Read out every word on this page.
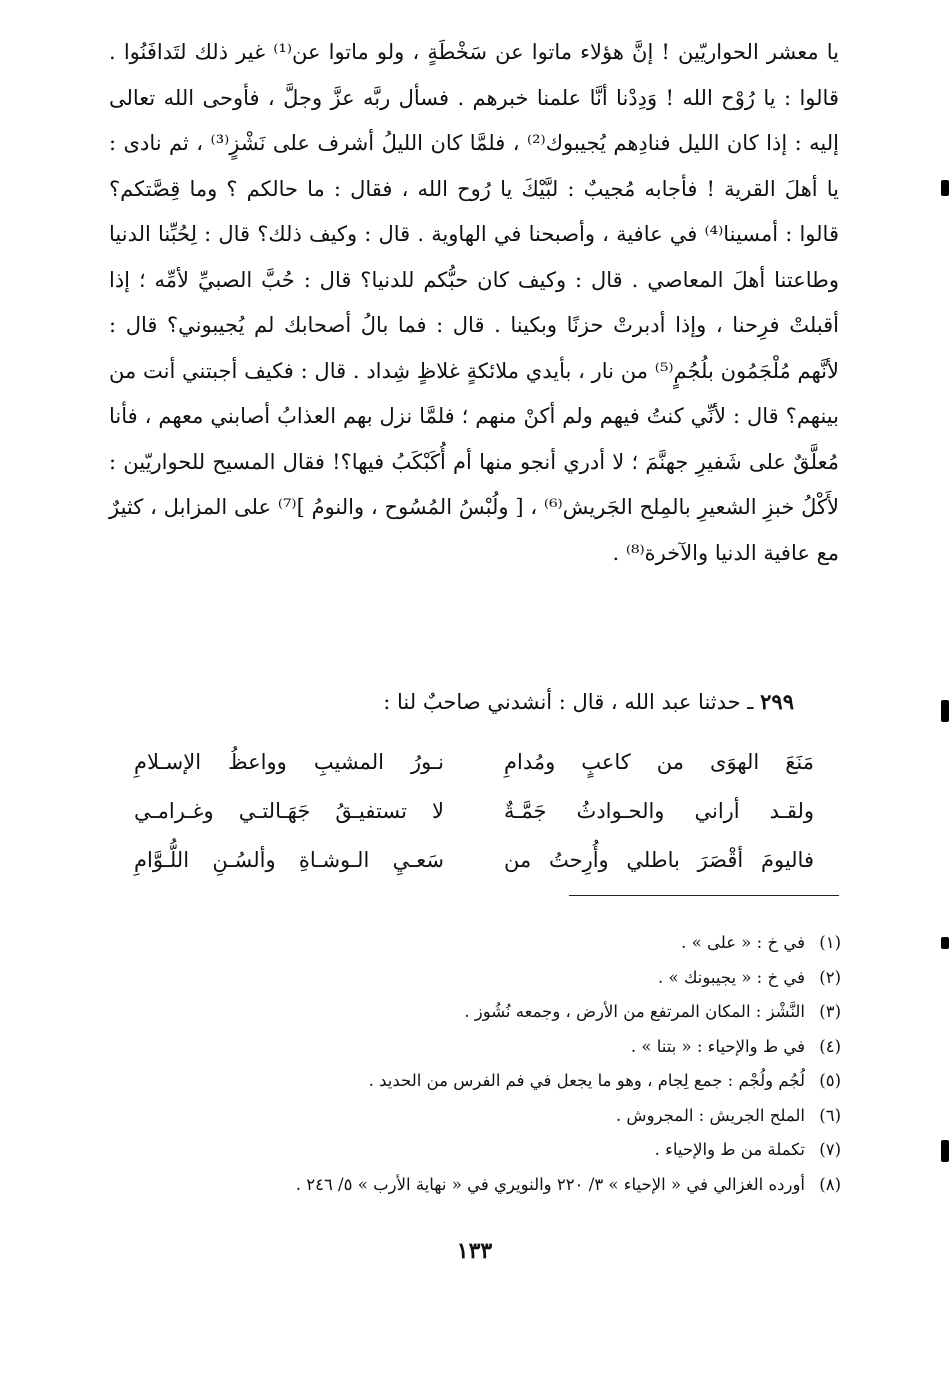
يا معشر الحواريّين ! إنَّ هؤلاء ماتوا عن سَخْطَةٍ ، ولو ماتوا عن⁽¹⁾ غير ذلك لتَدافَنُوا . قالوا : يا رُوْح الله ! وَدِدْنا أنَّا علمنا خبرهم . فسأل ربَّه عزَّ وجلَّ ، فأوحى الله تعالى إليه : إذا كان الليل فنادِهم يُجيبوك⁽²⁾ ، فلمَّا كان الليلُ أشرف على نَشْزٍ⁽³⁾ ، ثم نادى : يا أهلَ القرية ! فأجابه مُجيبٌ : لبَّيْكَ يا رُوح الله ، فقال : ما حالكم ؟ وما قِصَّتكم؟ قالوا : أمسينا⁽⁴⁾ في عافية ، وأصبحنا في الهاوية . قال : وكيف ذلك؟ قال : لِحُبِّنا الدنيا وطاعتنا أهلَ المعاصي . قال : وكيف كان حبُّكم للدنيا؟ قال : حُبَّ الصبيِّ لأمِّه ؛ إذا أقبلتْ فرِحنا ، وإذا أدبرتْ حزنًا وبكينا . قال : فما بالُ أصحابك لم يُجيبوني؟ قال : لأنَّهم مُلْجَمُون بلُجُمٍ⁽⁵⁾ من نار ، بأيدي ملائكةٍ غلاظٍ شِداد . قال : فكيف أجبتني أنت من بينهم؟ قال : لأنِّي كنتُ فيهم ولم أكنْ منهم ؛ فلمَّا نزل بهم العذابُ أصابني معهم ، فأنا مُعلَّقٌ على شَفيرِ جهنَّمَ ؛ لا أدري أنجو منها أم أُكَبْكَبُ فيها؟! فقال المسيح للحواريّين : لأَكْلُ خبزِ الشعيرِ بالمِلح الجَريش⁽⁶⁾ ، [ ولُبْسُ المُسُوح ، والنومُ ]⁽⁷⁾ على المزابل ، كثيرٌ مع عافية الدنيا والآخرة⁽⁸⁾ .

٢٩٩ ـ حدثنا عبد الله ، قال : أنشدني صاحبٌ لنا :
مَنَعَ الهوَى من كاعبٍ ومُدامِ
نـورُ المشيبِ وواعظُ الإسـلامِ
ولقـد أراني والحـوادثُ جَمَّـةٌ
لا تستفيـقُ جَهَـالتـي وغـرامـي
فاليومَ أقْصَرَ باطلي وأُرِحتُ من
سَعـيِ الـوشـاةِ وألسُـنِ اللُّـوَّامِ
(١)
في خ : « على » .
(٢)
في خ : « يجيبونك » .
(٣)
النَّشْز : المكان المرتفع من الأرض ، وجمعه نُشُوز .
(٤)
في ط والإحياء : « بتنا » .
(٥)
لُجُم ولُجْم : جمع لِجام ، وهو ما يجعل في فم الفرس من الحديد .
(٦)
الملح الجريش : المجروش .
(٧)
تكملة من ط والإحياء .
(٨)
أورده الغزالي في « الإحياء » ٣/ ٢٢٠ والنويري في « نهاية الأرب » ٥/ ٢٤٦ .
١٣٣
